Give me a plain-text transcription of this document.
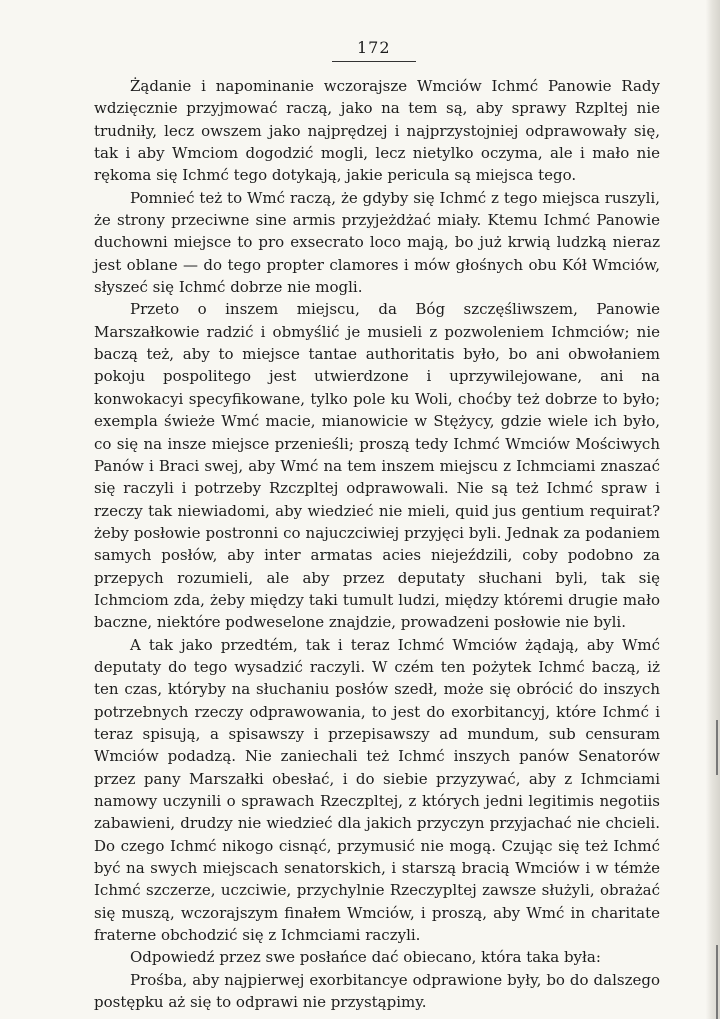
172

Żądanie i napominanie wczorajsze Wmciów Ichmć Panowie Rady wdzięcznie przyjmować raczą, jako na tem są, aby sprawy Rzpltej nie trudniły, lecz owszem jako najprędzej i najprzystojniej odprawowały się, tak i aby Wmciom dogodzić mogli, lecz nietylko oczyma, ale i mało nie rękoma się Ichmć tego dotykają, jakie pericula są miejsca tego.

Pomnieć też to Wmć raczą, że gdyby się Ichmć z tego miejsca ruszyli, że strony przeciwne sine armis przyjeżdżać miały. Ktemu Ichmć Panowie duchowni miejsce to pro exsecrato loco mają, bo już krwią ludzką nieraz jest oblane — do tego propter clamores i mów głośnych obu Kół Wmciów, słyszeć się Ichmć dobrze nie mogli.

Przeto o inszem miejscu, da Bóg szczęśliwszem, Panowie Marszałkowie radzić i obmyślić je musieli z pozwoleniem Ichmciów; nie baczą też, aby to miejsce tantae authoritatis było, bo ani obwołaniem pokoju pospolitego jest utwierdzone i uprzywilejowane, ani na konwokacyi specyfikowane, tylko pole ku Woli, choćby też dobrze to było; exempla świeże Wmć macie, mianowicie w Stężycy, gdzie wiele ich było, co się na insze miejsce przenieśli; proszą tedy Ichmć Wmciów Mościwych Panów i Braci swej, aby Wmć na tem inszem miejscu z Ichmciami znaszać się raczyli i potrzeby Rzczpltej odprawowali. Nie są też Ichmć spraw i rzeczy tak niewiadomi, aby wiedzieć nie mieli, quid jus gentium requirat? żeby posłowie postronni co najuczciwiej przyjęci byli. Jednak za podaniem samych posłów, aby inter armatas acies niejeździli, coby podobno za przepych rozumieli, ale aby przez deputaty słuchani byli, tak się Ichmciom zda, żeby między taki tumult ludzi, między któremi drugie mało baczne, niektóre podweselone znajdzie, prowadzeni posłowie nie byli.

A tak jako przedtém, tak i teraz Ichmć Wmciów żądają, aby Wmć deputaty do tego wysadzić raczyli. W czém ten pożytek Ichmć baczą, iż ten czas, któryby na słuchaniu posłów szedł, może się obrócić do inszych potrzebnych rzeczy odprawowania, to jest do exorbitancyj, które Ichmć i teraz spisują, a spisawszy i przepisawszy ad mundum, sub censuram Wmciów podadzą. Nie zaniechali też Ichmć inszych panów Senatorów przez pany Marszałki obesłać, i do siebie przyzywać, aby z Ichmciami namowy uczynili o sprawach Rzeczpltej, z których jedni legitimis negotiis zabawieni, drudzy nie wiedzieć dla jakich przyczyn przyjachać nie chcieli. Do czego Ichmć nikogo cisnąć, przymusić nie mogą. Czując się też Ichmć być na swych miejscach senatorskich, i starszą bracią Wmciów i w témże Ichmć szczerze, uczciwie, przychylnie Rzeczypltej zawsze służyli, obrażać się muszą, wczorajszym finałem Wmciów, i proszą, aby Wmć in charitate fraterne obchodzić się z Ichmciami raczyli.

Odpowiedź przez swe posłańce dać obiecano, która taka była:

Prośba, aby najpierwej exorbitancye odprawione były, bo do dalszego postępku aż się to odprawi nie przystąpimy.
